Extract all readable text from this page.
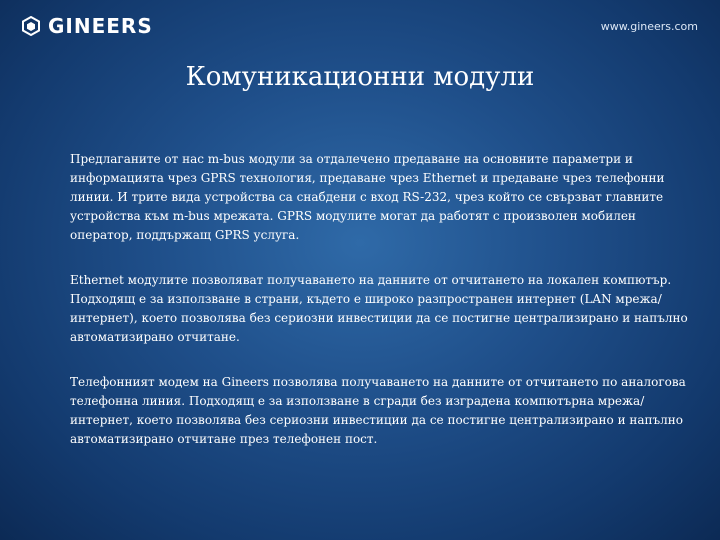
GINEERS	www.gineers.com
Комуникационни модули

Предлаганите от нас m-bus модули за отдалечено предаване на основните параметри и информацията чрез GPRS технология, предаване чрез Ethernet и предаване чрез телефонни линии. И трите вида устройства са снабдени с вход RS-232, чрез който се свързват главните устройства към m-bus мрежата. GPRS модулите могат да работят с произволен мобилен оператор, поддържащ GPRS услуга.

Ethernet модулите позволяват получаването на данните от отчитането на локален компютър. Подходящ е за използване в страни, където е широко разпространен интернет (LAN мрежа/интернет), което позволява без сериозни инвестиции да се постигне централизирано и напълно автоматизирано отчитане.

Телефонният модем на Gineers позволява получаването на данните от отчитането по аналогова телефонна линия. Подходящ е за използване в сгради без изградена компютърна мрежа/интернет, което позволява без сериозни инвестиции да се постигне централизирано и напълно автоматизирано отчитане през телефонен пост.
